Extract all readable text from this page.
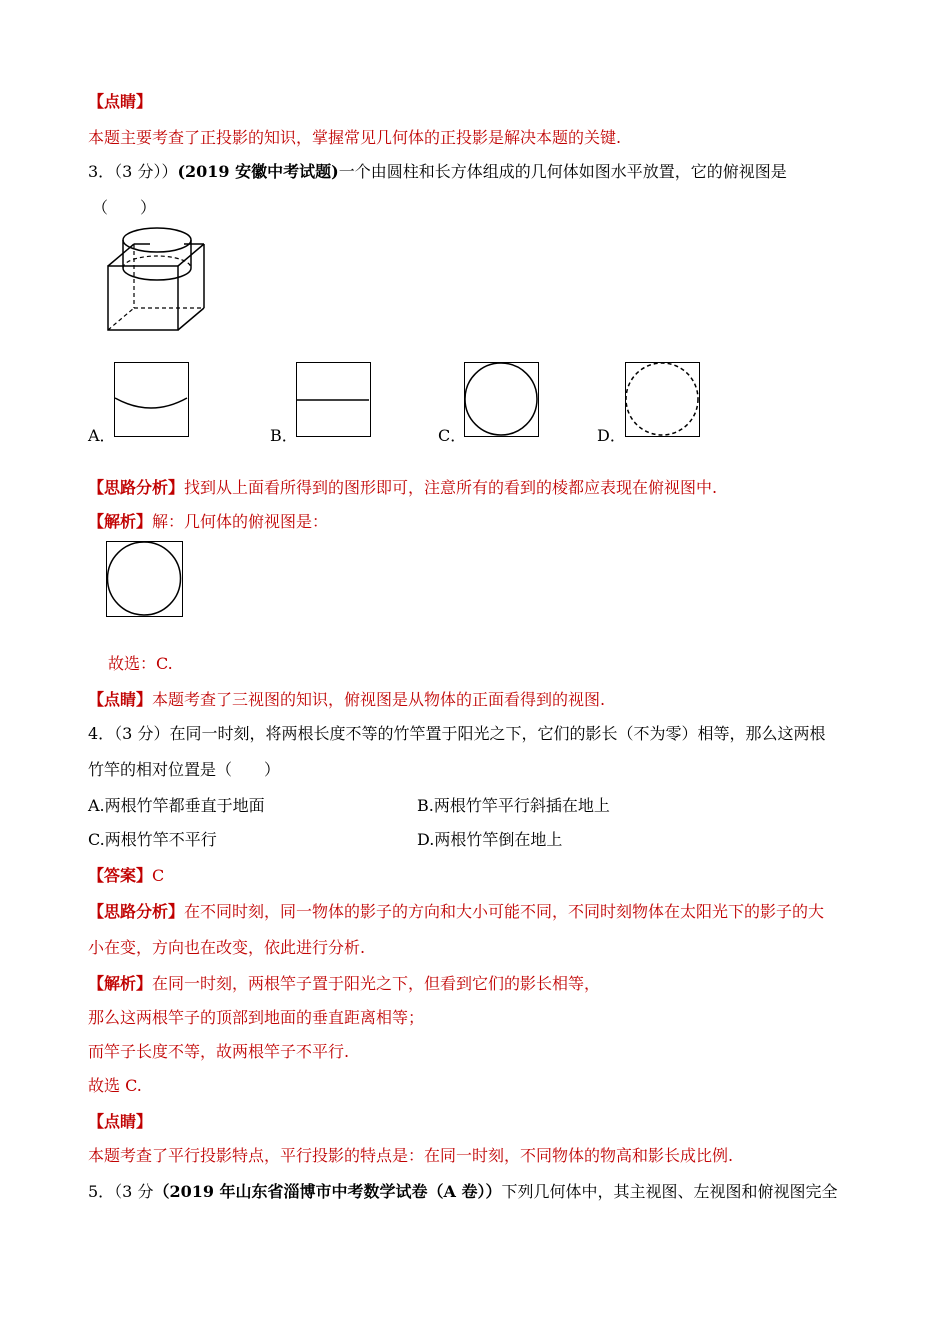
【点睛】
本题主要考查了正投影的知识，掌握常见几何体的正投影是解决本题的关键.
3．（3 分））(2019 安徽中考试题)一个由圆柱和长方体组成的几何体如图水平放置，它的俯视图是
（　　）
A．	B．	C．	D．
【思路分析】找到从上面看所得到的图形即可，注意所有的看到的棱都应表现在俯视图中.
【解析】解：几何体的俯视图是：
故选：C.
【点睛】本题考查了三视图的知识，俯视图是从物体的正面看得到的视图.
4．（3 分）在同一时刻，将两根长度不等的竹竿置于阳光之下，它们的影长（不为零）相等，那么这两根
竹竿的相对位置是（　　）
A.两根竹竿都垂直于地面	B.两根竹竿平行斜插在地上
C.两根竹竿不平行	D.两根竹竿倒在地上
【答案】C
【思路分析】在不同时刻，同一物体的影子的方向和大小可能不同，不同时刻物体在太阳光下的影子的大
小在变，方向也在改变，依此进行分析.
【解析】在同一时刻，两根竿子置于阳光之下，但看到它们的影长相等，
那么这两根竿子的顶部到地面的垂直距离相等；
而竿子长度不等，故两根竿子不平行.
故选 C.
【点睛】
本题考查了平行投影特点，平行投影的特点是：在同一时刻，不同物体的物高和影长成比例.
5．（3 分（2019 年山东省淄博市中考数学试卷（A 卷））下列几何体中，其主视图、左视图和俯视图完全
